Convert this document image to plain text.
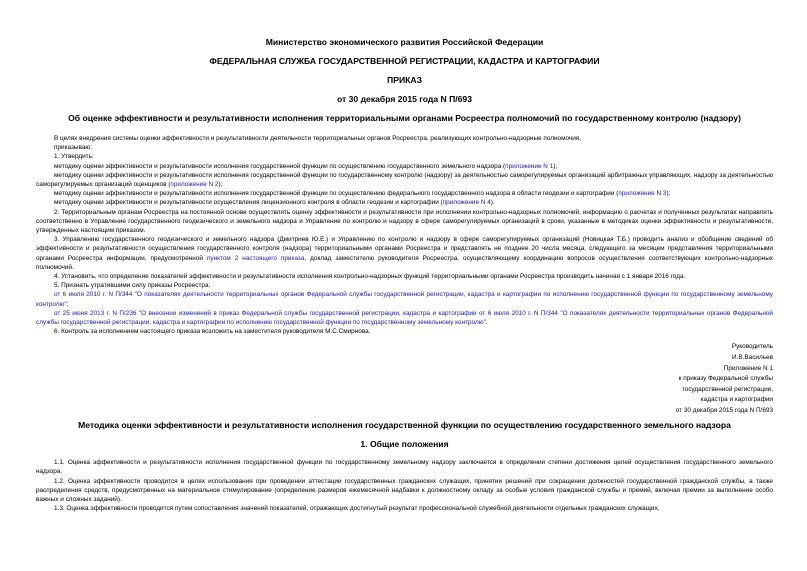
Министерство экономического развития Российской Федерации
ФЕДЕРАЛЬНАЯ СЛУЖБА ГОСУДАРСТВЕННОЙ РЕГИСТРАЦИИ, КАДАСТРА И КАРТОГРАФИИ
ПРИКАЗ
от 30 декабря 2015 года N П/693
Об оценке эффективности и результативности исполнения территориальными органами Росреестра полномочий по государственному контролю (надзору)
В целях внедрения системы оценки эффективности и результативности деятельности территориальных органов Росреестра, реализующих контрольно-надзорные полномочия,
приказываю:
1. Утвердить:
методику оценки эффективности и результативности исполнения государственной функции по осуществлению государственного земельного надзора (приложение N 1);
методику оценки эффективности и результативности исполнения государственной функции по государственному контролю (надзору) за деятельностью саморегулируемых организаций арбитражных управляющих, надзору за деятельностью саморегулируемых организаций оценщиков (приложение N 2);
методику оценки эффективности и результативности исполнения государственной функции по осуществлению федерального государственного надзора в области геодезии и картографии (приложение N 3);
методику оценки эффективности и результативности осуществления лицензионного контроля в области геодезии и картографии (приложение N 4).
2. Территориальным органам Росреестра на постоянной основе осуществлять оценку эффективности и результативности при исполнении контрольно-надзорных полномочий, информацию о расчетах и полученных результатах направлять соответственно в Управление государственного геодезического и земельного надзора и Управление по контролю и надзору в сфере саморегулируемых организаций в сроки, указанные в методиках оценки эффективности и результативности, утвержденных настоящим приказом.
3. Управлению государственного геодезического и земельного надзора (Дмитриев Ю.Е.) и Управлению по контролю и надзору в сфере саморегулируемых организаций (Новицкая Т.Б.) проводить анализ и обобщение сведений об эффективности и результативности осуществления государственного контроля (надзора) территориальными органами Росреестра и представлять не позднее 20 числа месяца, следующего за месяцем представления территориальными органами Росреестра информации, предусмотренной пунктом 2 настоящего приказа, доклад заместителю руководителя Росреестра, осуществляющему координацию вопросов осуществления соответствующих контрольно-надзорных полномочий.
4. Установить, что определение показателей эффективности и результативности исполнения контрольно-надзорных функций территориальными органами Росреестра производить начиная с 1 января 2016 года.
5. Признать утратившими силу приказы Росреестра:
от 6 июля 2010 г. N П/344 "О показателях деятельности территориальных органов Федеральной службы государственной регистрации, кадастра и картографии по исполнению государственной функции по государственному земельному контролю";
от 25 июня 2013 г. N П/236 "О внесении изменений в приказ Федеральной службы государственной регистрации, кадастра и картографии от 6 июля 2010 г. N П/344 "О показателях деятельности территориальных органов Федеральной службы государственной регистрации, кадастра и картографии по исполнению государственной функции по государственному земельному контролю".
6. Контроль за исполнением настоящего приказа возложить на заместителя руководителя М.С.Смирнова.
Руководитель
И.В.Васильев
Приложение N 1
к приказу Федеральной службы
государственной регистрации,
кадастра и картографии
от 30 декабря 2015 года N П/693
Методика оценки эффективности и результативности исполнения государственной функции по осуществлению государственного земельного надзора
1. Общие положения
1.1. Оценка эффективности и результативности исполнения государственной функции по государственному земельному надзору заключается в определении степени достижения целей осуществления государственного земельного надзора.
1.2. Оценка эффективности проводится в целях использования при проведении аттестации государственных гражданских служащих, принятии решений при сокращении должностей государственной гражданской службы, а также распределения средств, предусмотренных на материальное стимулирование (определение размеров ежемесячной надбавки к должностному окладу за особые условия гражданской службы и премий, включая премии за выполнение особо важных и сложных заданий).
1.3. Оценка эффективности проводится путем сопоставления значений показателей, отражающих достигнутый результат профессиональной служебной деятельности отдельных гражданских служащих,
